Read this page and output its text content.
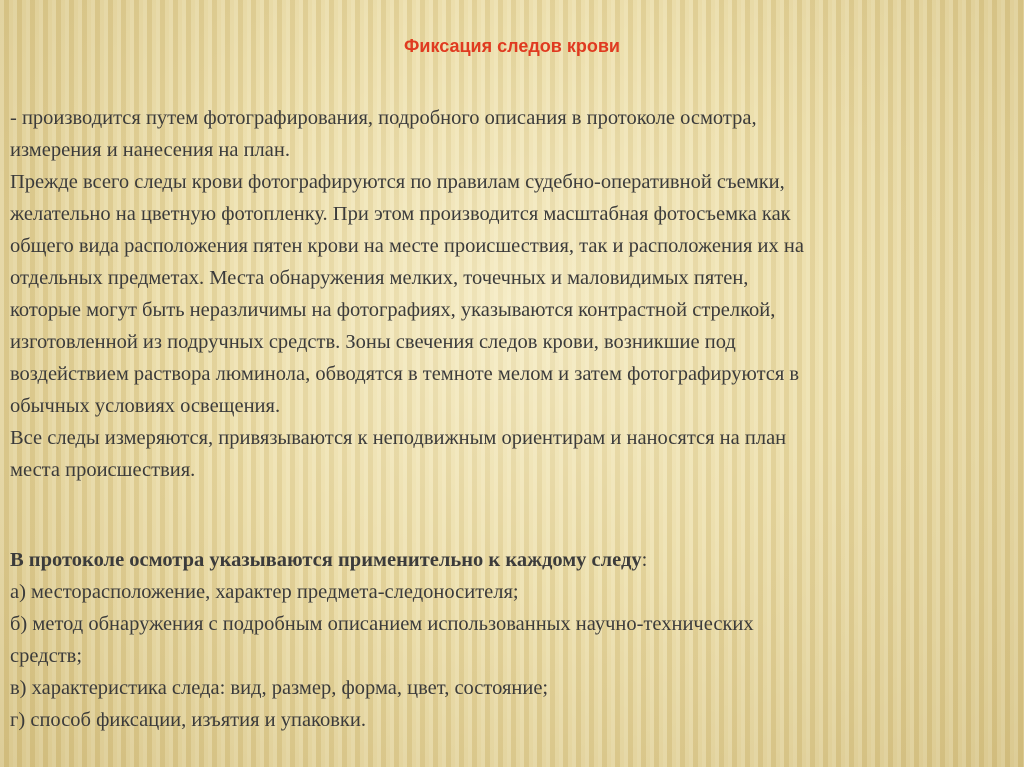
Фиксация следов крови

- производится путем фотографирования, подробного описания в протоколе осмотра,
измерения и нанесения на план.

Прежде всего следы крови фотографируются по правилам судебно-оперативной съемки,
желательно на цветную фотопленку. При этом производится масштабная фотосъемка как
общего вида расположения пятен крови на месте происшествия, так и расположения их на
отдельных предметах. Места обнаружения мелких, точечных и маловидимых пятен,
которые могут быть неразличимы на фотографиях, указываются контрастной стрелкой,
изготовленной из подручных средств. Зоны свечения следов крови, возникшие под
воздействием раствора люминола, обводятся в темноте мелом и затем фотографируются в
обычных условиях освещения.

Все следы измеряются, привязываются к неподвижным ориентирам и наносятся на план
места происшествия.

В протоколе осмотра указываются применительно к каждому следу:

а) месторасположение, характер предмета-следоносителя;

б) метод обнаружения с подробным описанием использованных научно-технических
средств;

в) характеристика следа: вид, размер, форма, цвет, состояние;

г) способ фиксации, изъятия и упаковки.
